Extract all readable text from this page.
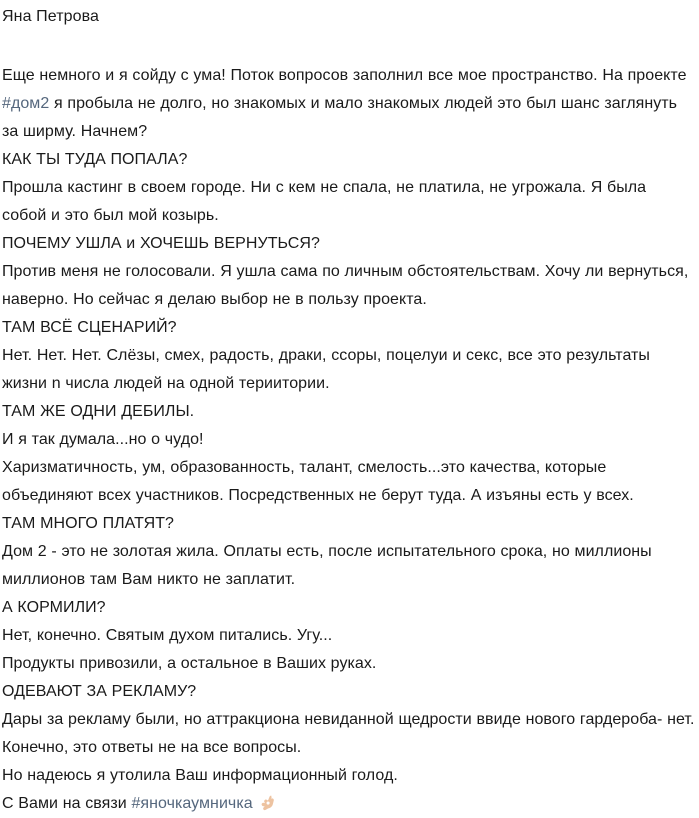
Яна Петрова

Еще немного и я сойду с ума! Поток вопросов заполнил все мое пространство. На проекте #дом2 я пробыла не долго, но знакомых и мало знакомых людей это был шанс заглянуть за ширму. Начнем?

КАК ТЫ ТУДА ПОПАЛА?

Прошла кастинг в своем городе. Ни с кем не спала, не платила, не угрожала. Я была собой и это был мой козырь.

ПОЧЕМУ УШЛА и ХОЧЕШЬ ВЕРНУТЬСЯ?

Против меня не голосовали. Я ушла сама по личным обстоятельствам. Хочу ли вернуться, наверно. Но сейчас я делаю выбор не в пользу проекта.

ТАМ ВСЁ СЦЕНАРИЙ?

Нет. Нет. Нет. Слёзы, смех, радость, драки, ссоры, поцелуи и секс, все это результаты жизни n числа людей на одной териитории.

ТАМ ЖЕ ОДНИ ДЕБИЛЫ.

И я так думала...но о чудо!

Харизматичность, ум, образованность, талант, смелость...это качества, которые объединяют всех участников. Посредственных не берут туда. А изъяны есть у всех.

ТАМ МНОГО ПЛАТЯТ?

Дом 2 - это не золотая жила. Оплаты есть, после испытательного срока, но миллионы миллионов там Вам никто не заплатит.

А КОРМИЛИ?

Нет, конечно. Святым духом питались. Угу...

Продукты привозили, а остальное в Ваших руках.

ОДЕВАЮТ ЗА РЕКЛАМУ?

Дары за рекламу были, но аттракциона невиданной щедрости ввиде нового гардероба- нет.

Конечно, это ответы не на все вопросы.

Но надеюсь я утолила Ваш информационный голод.

С Вами на связи #яночкаумничка
